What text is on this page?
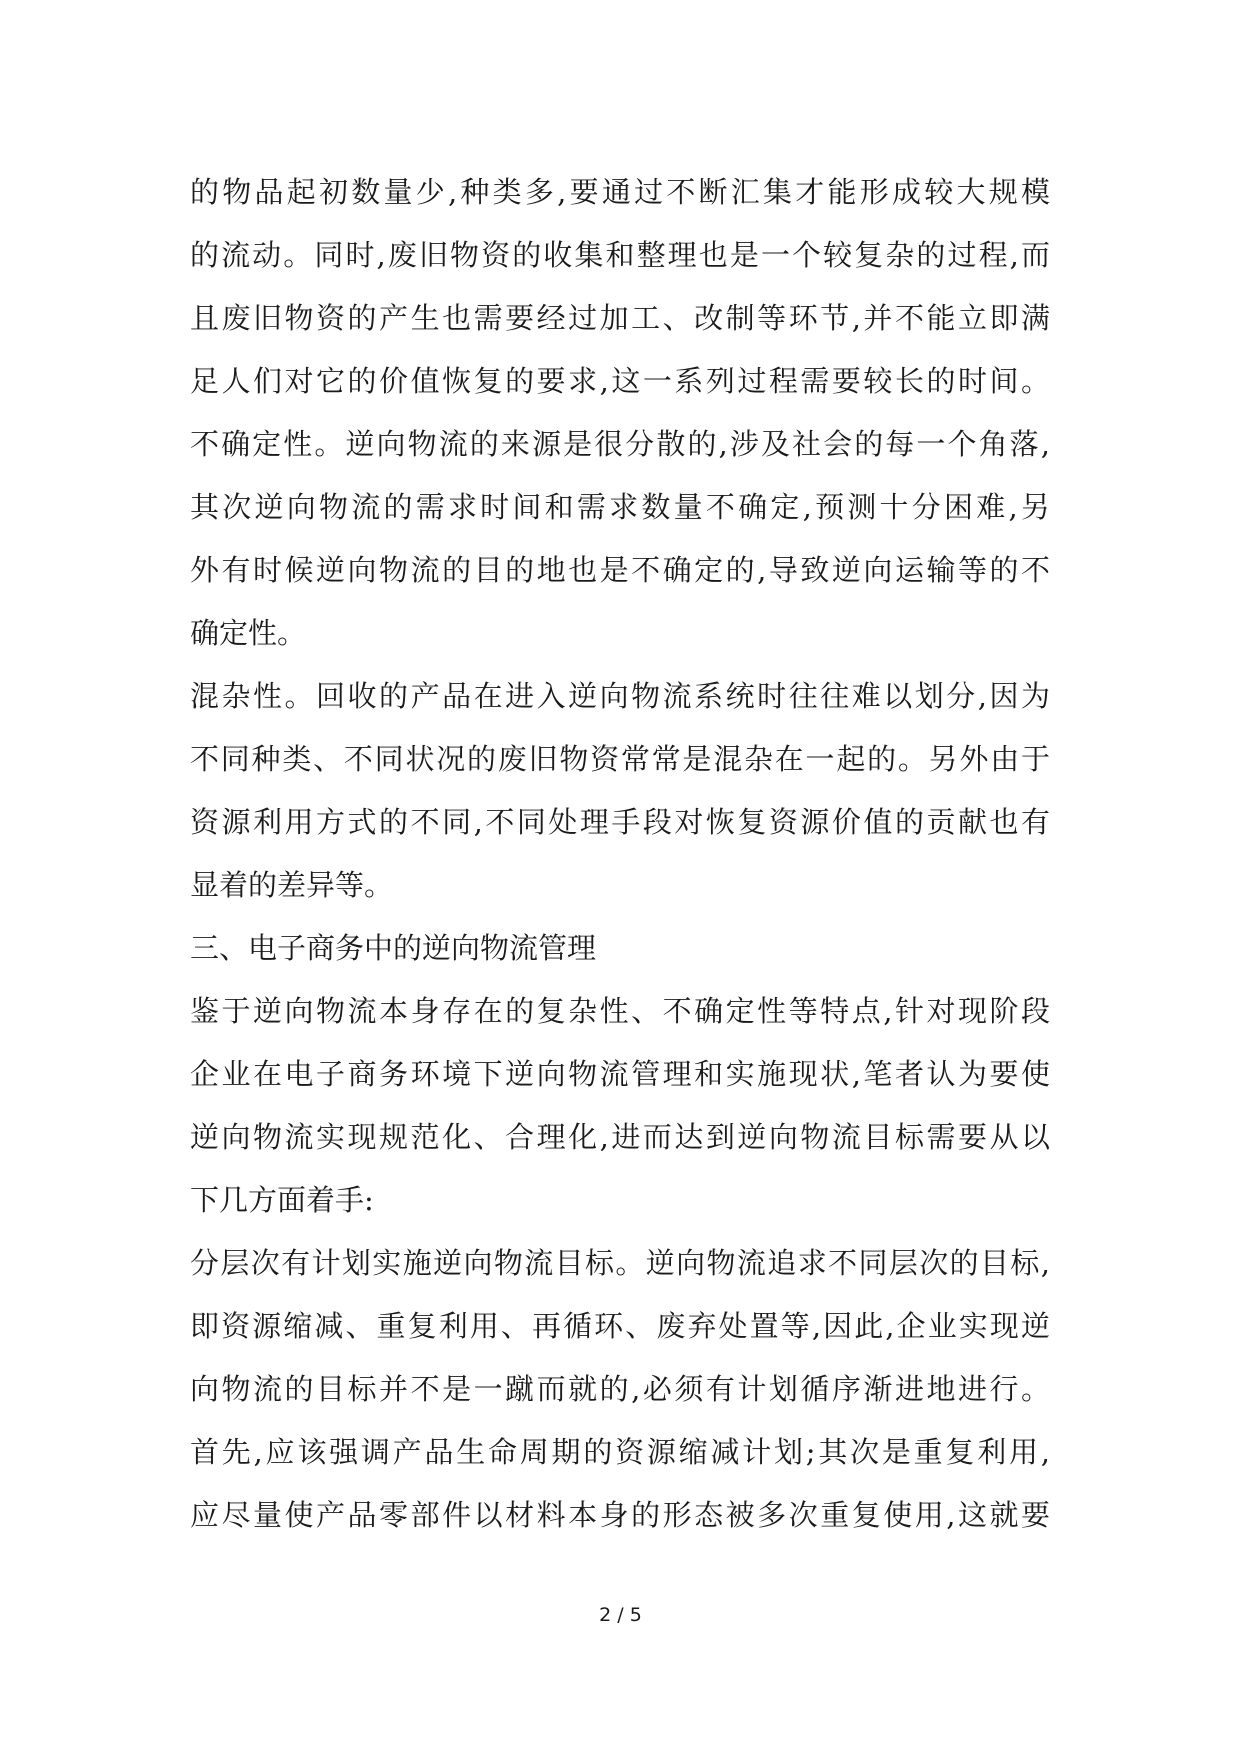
的物品起初数量少,种类多,要通过不断汇集才能形成较大规模
的流动。同时,废旧物资的收集和整理也是一个较复杂的过程,而
且废旧物资的产生也需要经过加工、改制等环节,并不能立即满
足人们对它的价值恢复的要求,这一系列过程需要较长的时间。
不确定性。逆向物流的来源是很分散的,涉及社会的每一个角落,
其次逆向物流的需求时间和需求数量不确定,预测十分困难,另
外有时候逆向物流的目的地也是不确定的,导致逆向运输等的不
确定性。
混杂性。回收的产品在进入逆向物流系统时往往难以划分,因为
不同种类、不同状况的废旧物资常常是混杂在一起的。另外由于
资源利用方式的不同,不同处理手段对恢复资源价值的贡献也有
显着的差异等。
三、电子商务中的逆向物流管理
鉴于逆向物流本身存在的复杂性、不确定性等特点,针对现阶段
企业在电子商务环境下逆向物流管理和实施现状,笔者认为要使
逆向物流实现规范化、合理化,进而达到逆向物流目标需要从以
下几方面着手:
分层次有计划实施逆向物流目标。逆向物流追求不同层次的目标,
即资源缩减、重复利用、再循环、废弃处置等,因此,企业实现逆
向物流的目标并不是一蹴而就的,必须有计划循序渐进地进行。
首先,应该强调产品生命周期的资源缩减计划;其次是重复利用,
应尽量使产品零部件以材料本身的形态被多次重复使用,这就要
2 / 5
